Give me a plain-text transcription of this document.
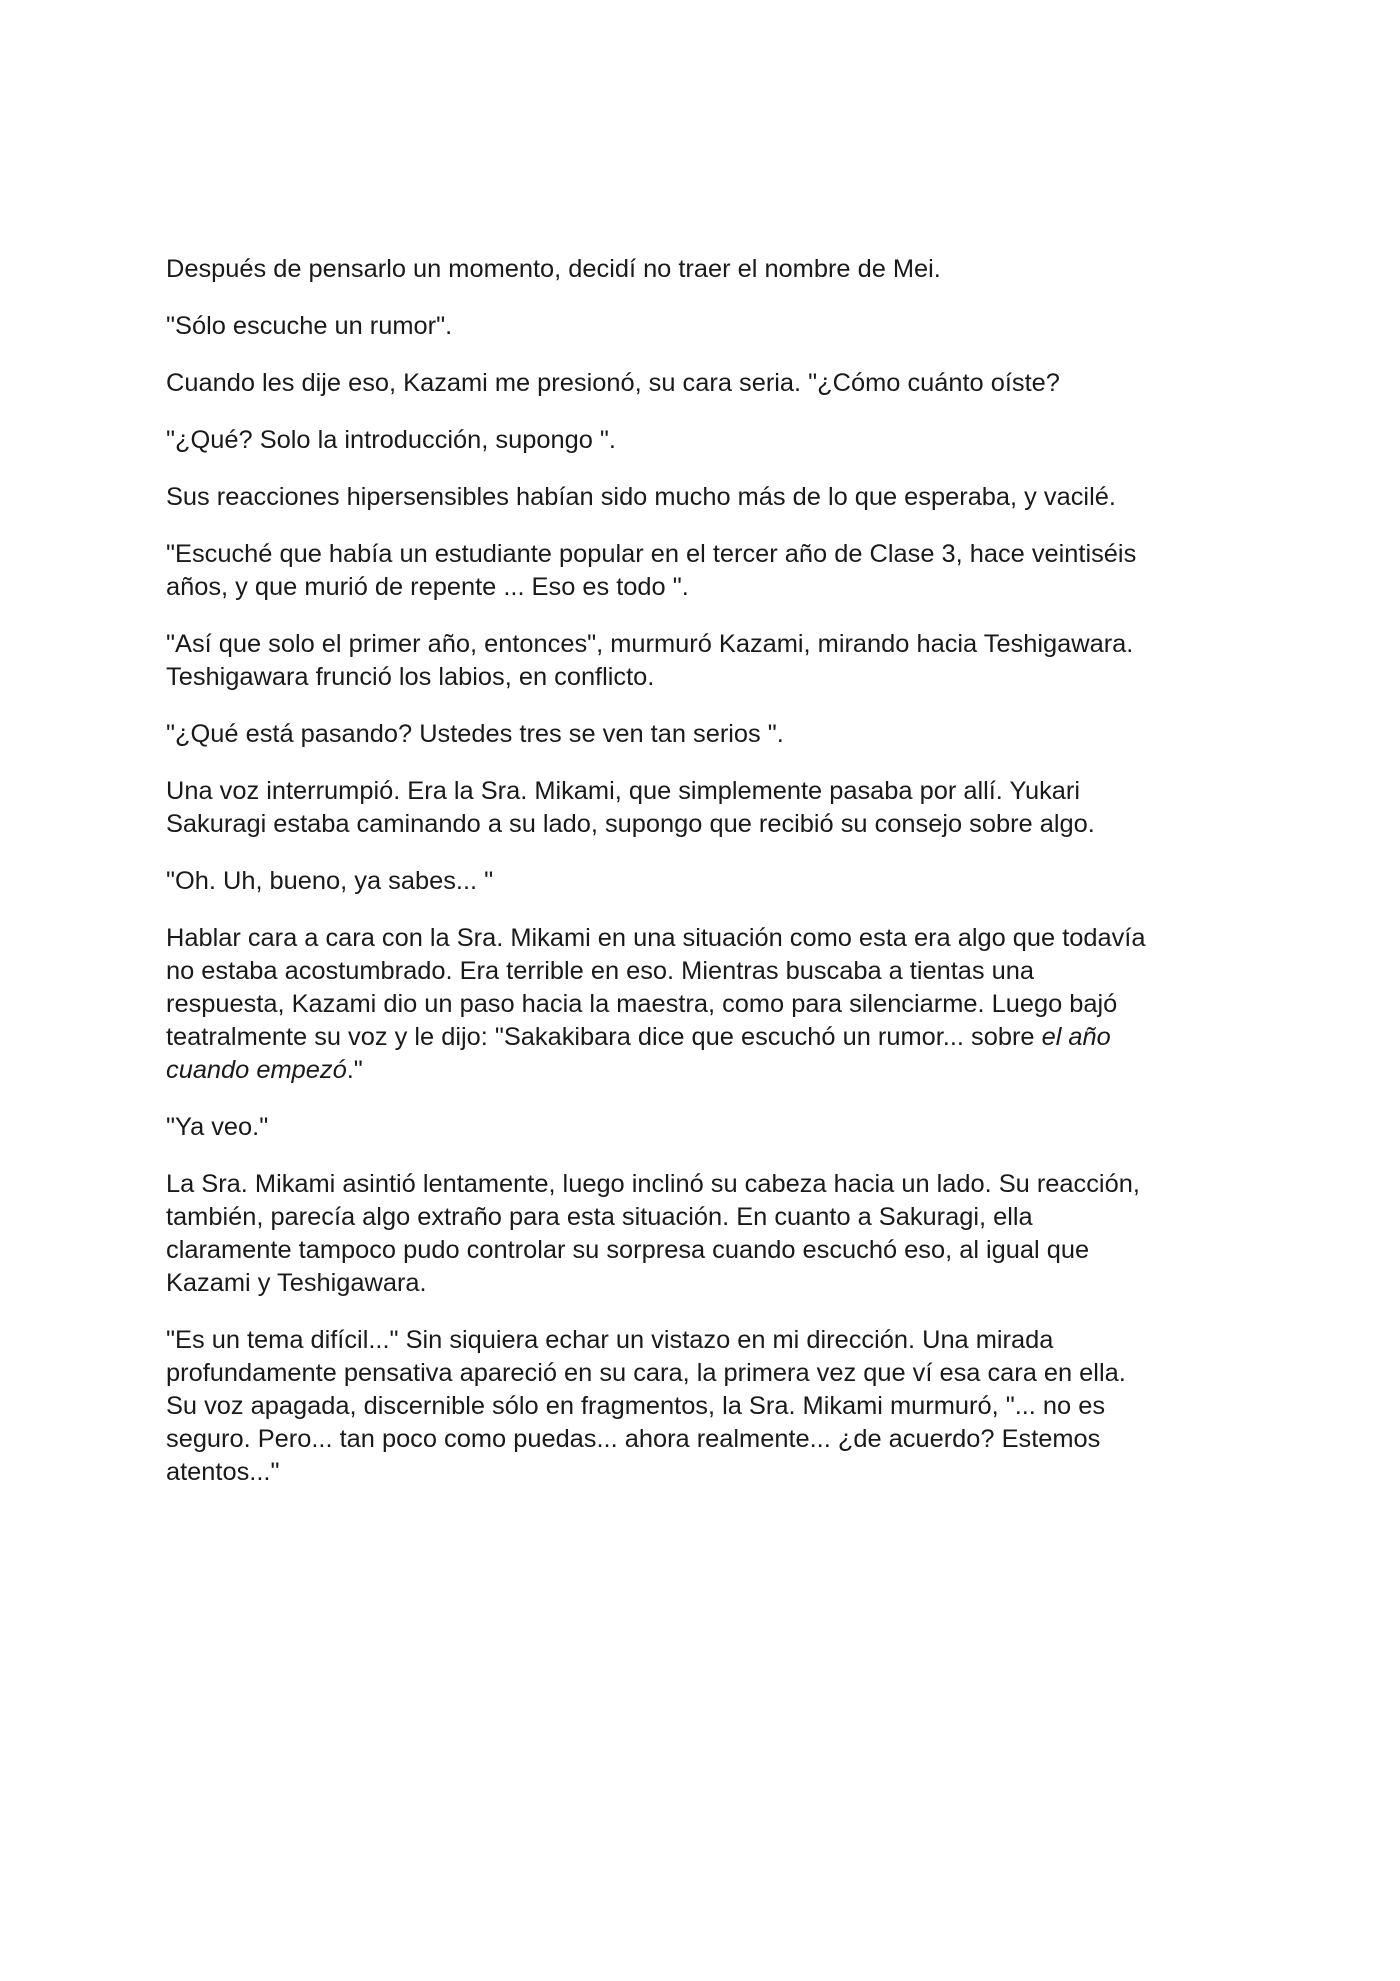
Después de pensarlo un momento, decidí no traer el nombre de Mei.

"Sólo escuche un rumor".

Cuando les dije eso, Kazami me presionó, su cara seria. "¿Cómo cuánto oíste?

"¿Qué? Solo la introducción, supongo ".

Sus reacciones hipersensibles habían sido mucho más de lo que esperaba, y vacilé.

"Escuché que había un estudiante popular en el tercer año de Clase 3, hace veintiséis
años, y que murió de repente ... Eso es todo ".

"Así que solo el primer año, entonces", murmuró Kazami, mirando hacia Teshigawara.
Teshigawara frunció los labios, en conflicto.

"¿Qué está pasando? Ustedes tres se ven tan serios ".

Una voz interrumpió. Era la Sra. Mikami, que simplemente pasaba por allí. Yukari
Sakuragi estaba caminando a su lado, supongo que recibió su consejo sobre algo.

"Oh. Uh, bueno, ya sabes... "

Hablar cara a cara con la Sra. Mikami en una situación como esta era algo que todavía
no estaba acostumbrado. Era terrible en eso. Mientras buscaba a tientas una
respuesta, Kazami dio un paso hacia la maestra, como para silenciarme. Luego bajó
teatralmente su voz y le dijo: "Sakakibara dice que escuchó un rumor... sobre el año
cuando empezó."

"Ya veo."

La Sra. Mikami asintió lentamente, luego inclinó su cabeza hacia un lado. Su reacción,
también, parecía algo extraño para esta situación. En cuanto a Sakuragi, ella
claramente tampoco pudo controlar su sorpresa cuando escuchó eso, al igual que
Kazami y Teshigawara.

"Es un tema difícil..." Sin siquiera echar un vistazo en mi dirección. Una mirada
profundamente pensativa apareció en su cara, la primera vez que ví esa cara en ella.
Su voz apagada, discernible sólo en fragmentos, la Sra. Mikami murmuró, "... no es
seguro. Pero... tan poco como puedas... ahora realmente... ¿de acuerdo? Estemos
atentos..."
